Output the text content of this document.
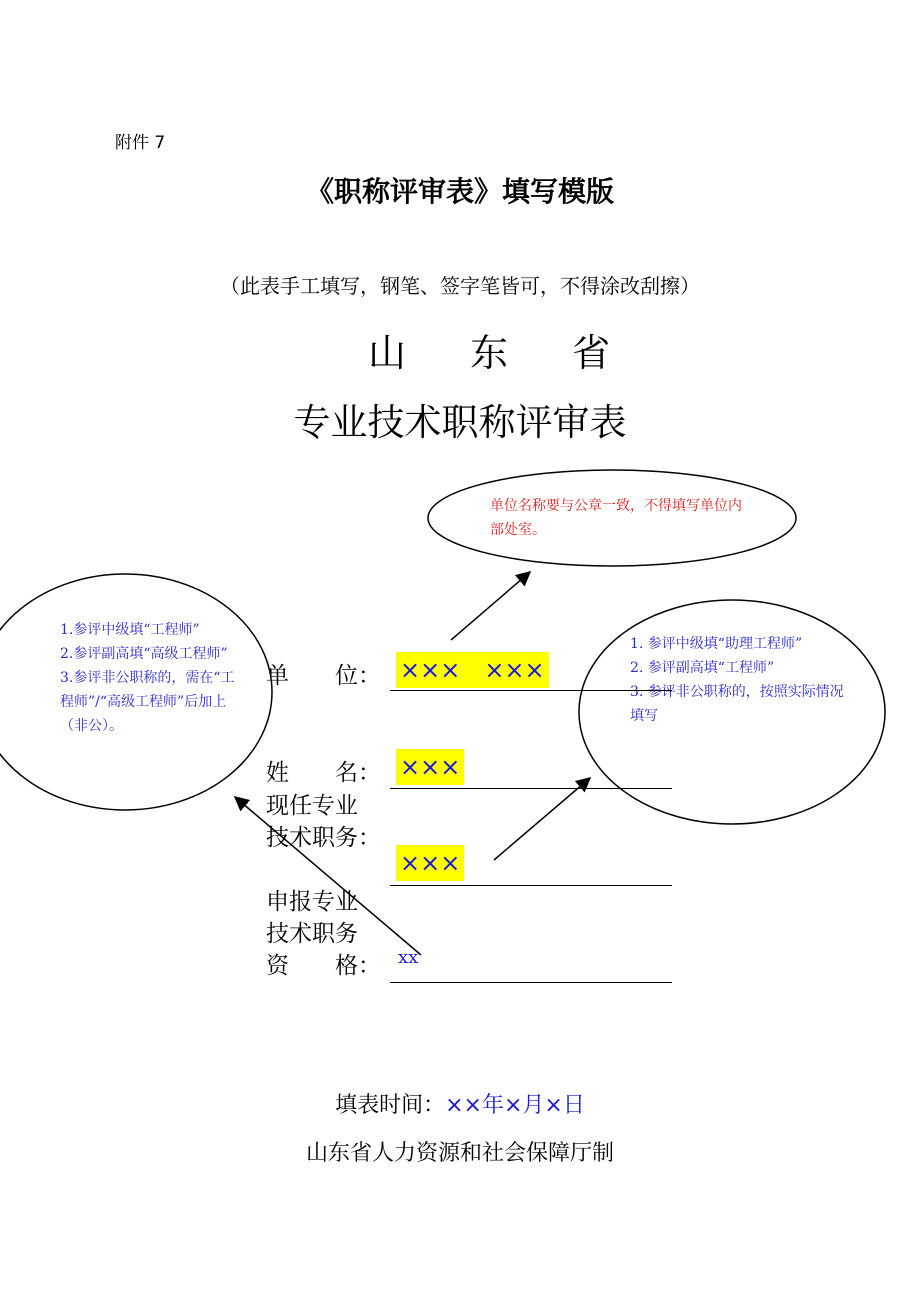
附件 7
《职称评审表》填写模版
（此表手工填写，钢笔、签字笔皆可，不得涂改刮擦）
山 东 省
专业技术职称评审表
单位名称要与公章一致，不得填写单位内部处室。
1.参评中级填“工程师”
2.参评副高填“高级工程师”
3.参评非公职称的，需在“工程师”/“高级工程师”后加上（非公）。
1. 参评中级填“助理工程师”
2. 参评副高填“工程师”
3. 参评非公职称的，按照实际情况填写
单　　位： ×××　×××
姓　　名： ×××
现任专业
技术职务：
×××
申报专业
技术职务
资　　格： xx
填表时间：××年×月×日
山东省人力资源和社会保障厅制
